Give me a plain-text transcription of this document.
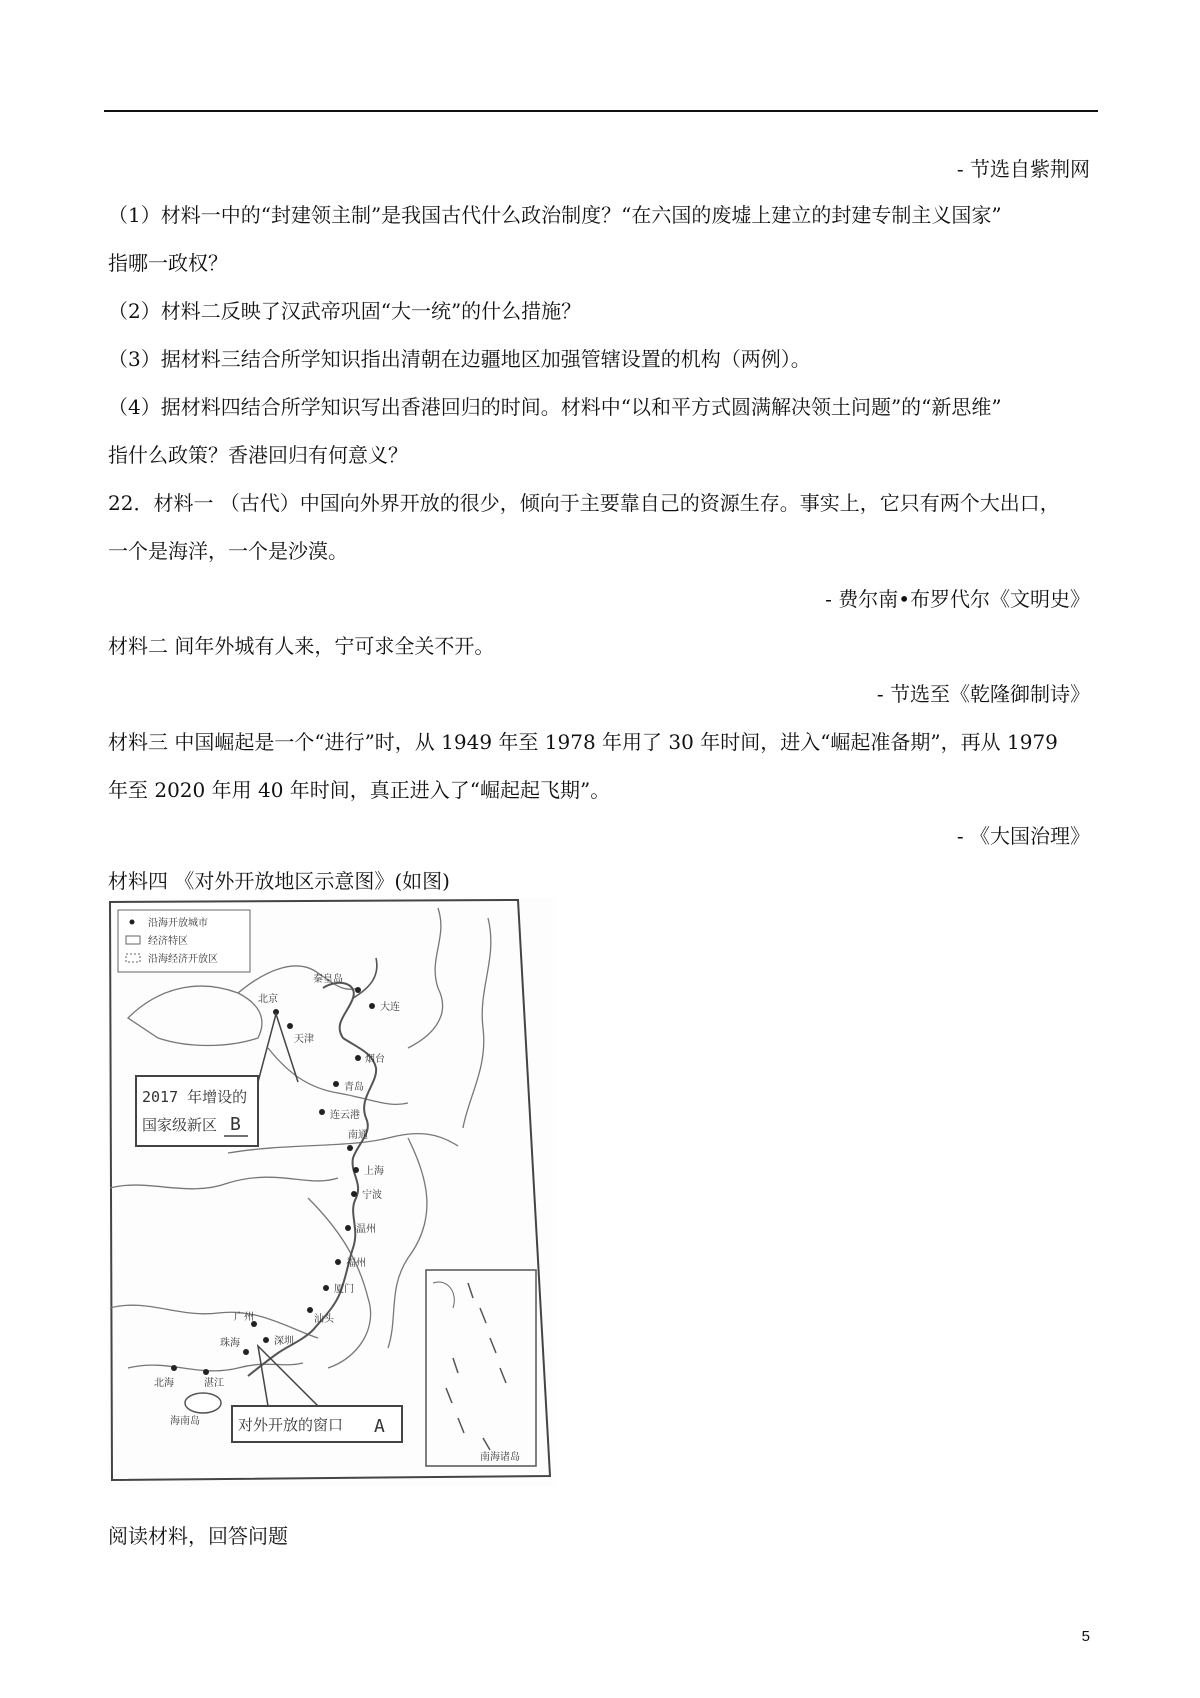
- 节选自紫荆网
（1）材料一中的“封建领主制”是我国古代什么政治制度？“在六国的废墟上建立的封建专制主义国家”
指哪一政权？
（2）材料二反映了汉武帝巩固“大一统”的什么措施？
（3）据材料三结合所学知识指出清朝在边疆地区加强管辖设置的机构（两例）。
（4）据材料四结合所学知识写出香港回归的时间。材料中“以和平方式圆满解决领土问题”的“新思维”
指什么政策？香港回归有何意义？
22．材料一 （古代）中国向外界开放的很少，倾向于主要靠自己的资源生存。事实上，它只有两个大出口，
一个是海洋，一个是沙漠。
- 费尔南•布罗代尔《文明史》
材料二 间年外城有人来，宁可求全关不开。
- 节选至《乾隆御制诗》
材料三 中国崛起是一个“进行”时，从 1949 年至 1978 年用了 30 年时间，进入“崛起准备期”，再从 1979
年至 2020 年用 40 年时间，真正进入了“崛起起飞期”。
- 《大国治理》
材料四 《对外开放地区示意图》(如图)
沿海开放城市
经济特区
沿海经济开放区
南海诸岛
北京
天津
秦皇岛
大连
烟台
青岛
连云港
南通
上海
宁波
温州
福州
厦门
汕头
广州
深圳
珠海
湛江
北海
海南岛
2017 年增设的
国家级新区 B
对外开放的窗口 A
阅读材料，回答问题
5
